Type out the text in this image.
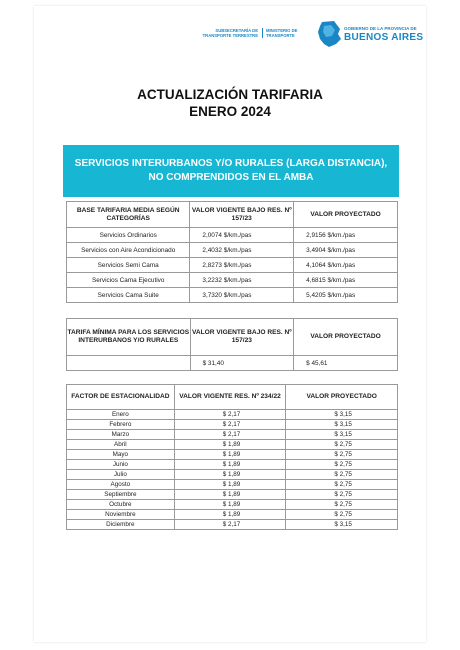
SUBSECRETARÍA DE
TRANSPORTE TERRESTRE
MINISTERIO DE
TRANSPORTE
GOBIERNO DE LA PROVINCIA DE
BUENOS AIRES
ACTUALIZACIÓN TARIFARIA
ENERO 2024
SERVICIOS INTERURBANOS Y/O RURALES (LARGA DISTANCIA), NO COMPRENDIDOS EN EL AMBA
BASE TARIFARIA MEDIA SEGÚN CATEGORÍAS	VALOR VIGENTE BAJO RES. Nº 157/23	VALOR PROYECTADO
Servicios Ordinarios	2,0074 $/km./pas	2,9156 $/km./pas
Servicios con Aire Acondicionado	2,4032 $/km./pas	3,4904 $/km./pas
Servicios Semi Cama	2,8273 $/km./pas	4,1064 $/km./pas
Servicios Cama Ejecutivo	3,2232 $/km./pas	4,6815 $/km./pas
Servicios Cama Suite	3,7320 $/km./pas	5,4205 $/km./pas
TARIFA MÍNIMA PARA LOS SERVICIOS INTERURBANOS Y/O RURALES	VALOR VIGENTE BAJO RES. Nº 157/23	VALOR PROYECTADO
	$ 31,40	$ 45,61
FACTOR DE ESTACIONALIDAD	VALOR VIGENTE RES. Nº 234/22	VALOR PROYECTADO
Enero	$ 2,17	$ 3,15
Febrero	$ 2,17	$ 3,15
Marzo	$ 2,17	$ 3,15
Abril	$ 1,89	$ 2,75
Mayo	$ 1,89	$ 2,75
Junio	$ 1,89	$ 2,75
Julio	$ 1,89	$ 2,75
Agosto	$ 1,89	$ 2,75
Septiembre	$ 1,89	$ 2,75
Octubre	$ 1,89	$ 2,75
Noviembre	$ 1,89	$ 2,75
Diciembre	$ 2,17	$ 3,15
